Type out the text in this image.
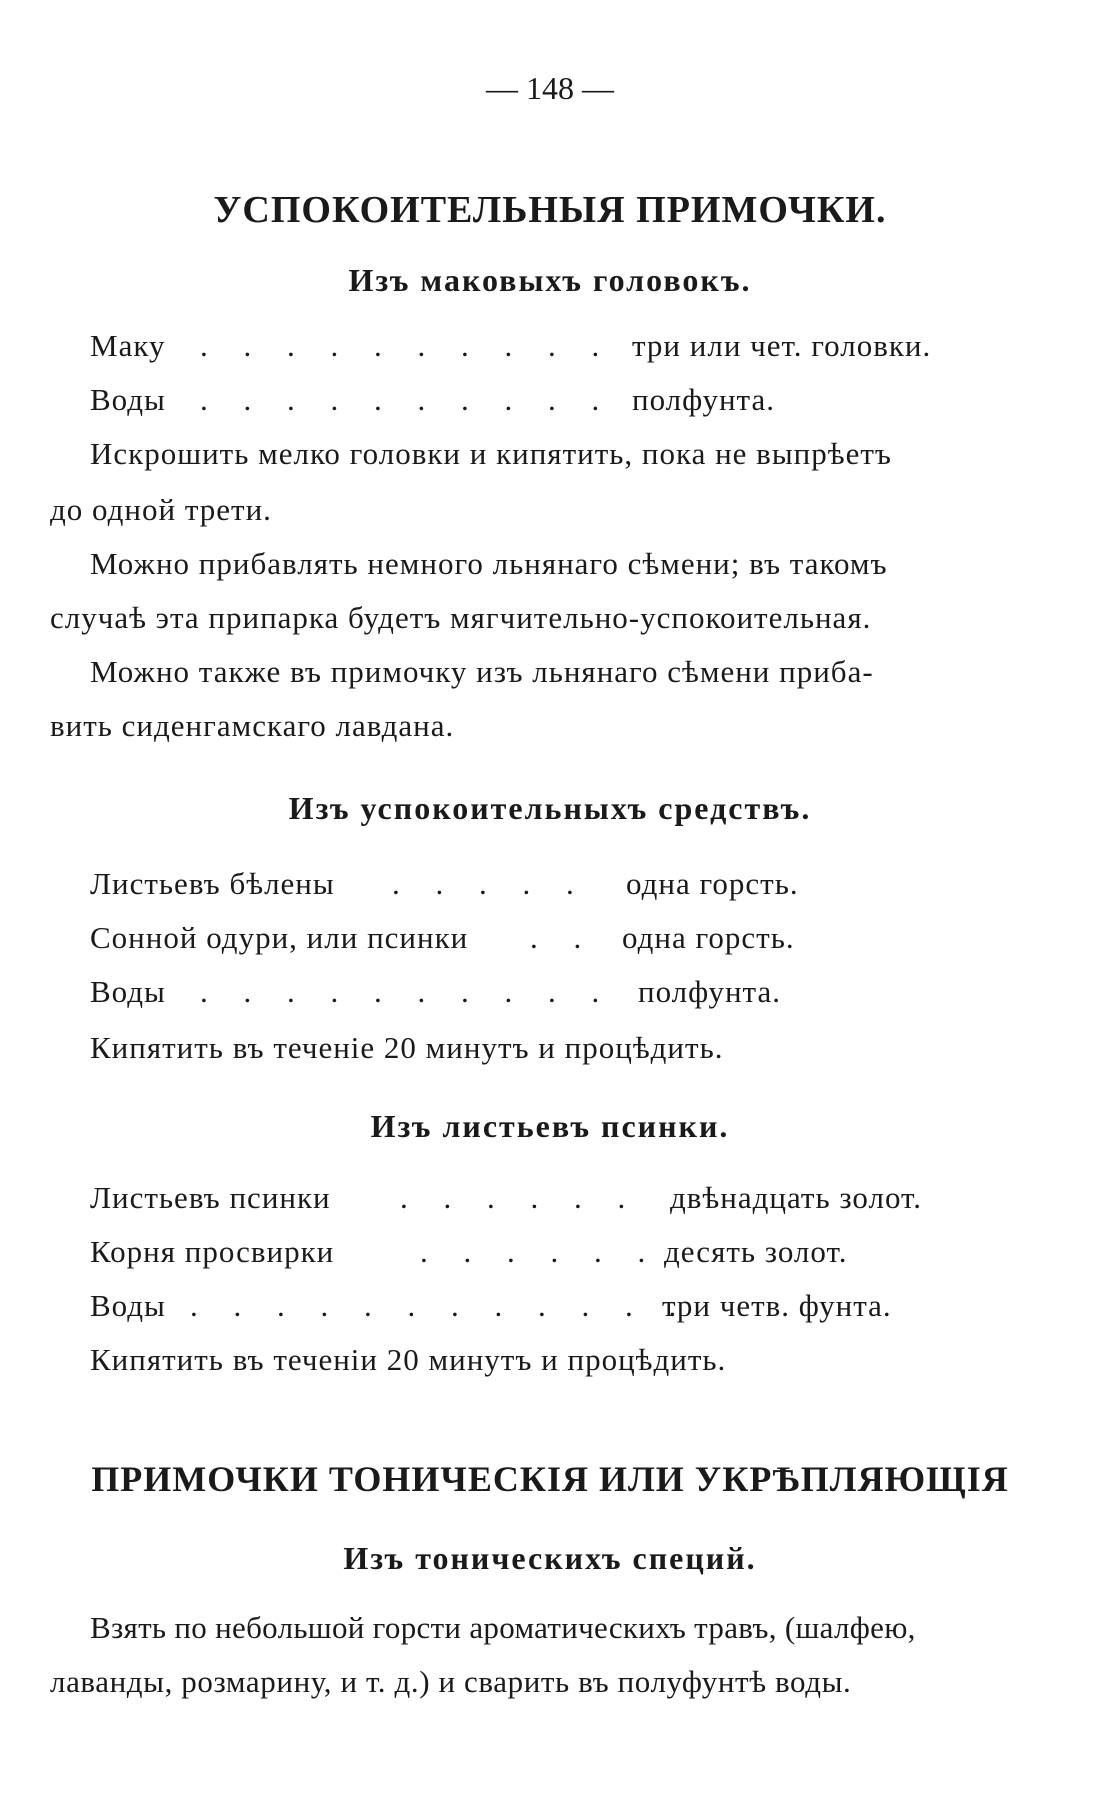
— 148 —
УСПОКОИТЕЛЬНЫЯ ПРИМОЧКИ.
Изъ маковыхъ головокъ.
Маку . . . . . . . . . . три или чет. головки.
Воды . . . . . . . . . . полфунта.
Искрошить мелко головки и кипятить, пока не выпрѣетъ
до одной трети.
Можно прибавлять немного льнянаго сѣмени; въ такомъ
случаѣ эта припарка будетъ мягчительно-успокоительная.
Можно также въ примочку изъ льнянаго сѣмени приба-
вить сиденгамскаго лавдана.
Изъ успокоительныхъ средствъ.
Листьевъ бѣлены . . . . . одна горсть.
Сонной одури, или псинки . . одна горсть.
Воды . . . . . . . . . . полфунта.
Кипятить въ теченіе 20 минутъ и процѣдить.
Изъ листьевъ псинки.
Листьевъ псинки . . . . . . двѣнадцать золот.
Корня просвирки	. . . . . . десять золот.
Воды . . . . . . . . . . . .
три четв. фунта.
Кипятить въ теченіи 20 минутъ и процѣдить.
ПРИМОЧКИ ТОНИЧЕСКІЯ ИЛИ УКРѢПЛЯЮЩІЯ
Изъ тоническихъ специй.
Взять по небольшой горсти ароматическихъ травъ, (шалфею,
лаванды, розмарину, и т. д.) и сварить въ полуфунтѣ воды.
